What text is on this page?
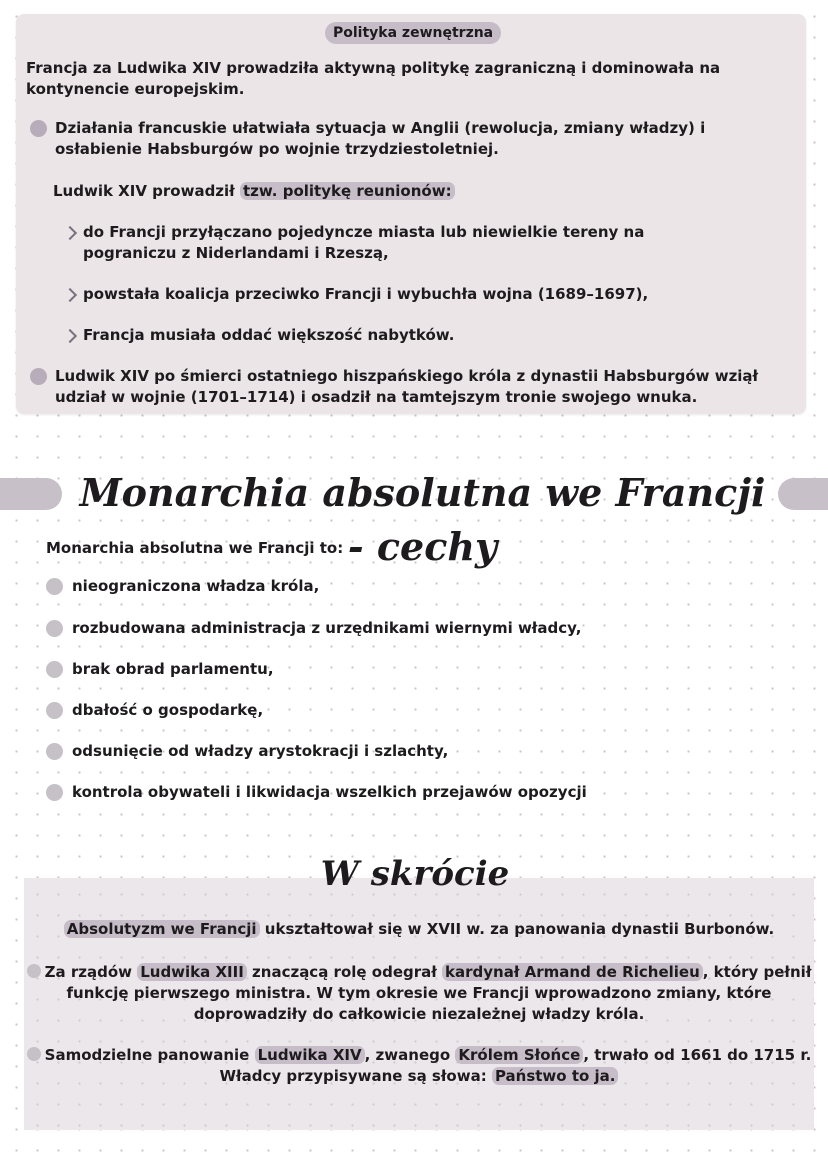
Polityka zewnętrzna
Francja za Ludwika XIV prowadziła aktywną politykę zagraniczną i dominowała na kontynencie europejskim.
Działania francuskie ułatwiała sytuacja w Anglii (rewolucja, zmiany władzy) i osłabienie Habsburgów po wojnie trzydziestoletniej.
Ludwik XIV prowadził tzw. politykę reunionów:
do Francji przyłączano pojedyncze miasta lub niewielkie tereny na pograniczu z Niderlandami i Rzeszą,
powstała koalicja przeciwko Francji i wybuchła wojna (1689–1697),
Francja musiała oddać większość nabytków.
Ludwik XIV po śmierci ostatniego hiszpańskiego króla z dynastii Habsburgów wziął udział w wojnie (1701–1714) i osadził na tamtejszym tronie swojego wnuka.
Monarchia absolutna we Francji - cechy
Monarchia absolutna we Francji to:
nieograniczona władza króla,
rozbudowana administracja z urzędnikami wiernymi władcy,
brak obrad parlamentu,
dbałość o gospodarkę,
odsunięcie od władzy arystokracji i szlachty,
kontrola obywateli i likwidacja wszelkich przejawów opozycji
W skrócie
Absolutyzm we Francji ukształtował się w XVII w. za panowania dynastii Burbonów.
Za rządów Ludwika XIII znaczącą rolę odegrał kardynał Armand de Richelieu , który pełnił
funkcję pierwszego ministra. W tym okresie we Francji wprowadzono zmiany, które
doprowadziły do całkowicie niezależnej władzy króla.
Samodzielne panowanie Ludwika XIV , zwanego Królem Słońce , trwało od 1661 do 1715 r.
Władcy przypisywane są słowa: Państwo to ja.
